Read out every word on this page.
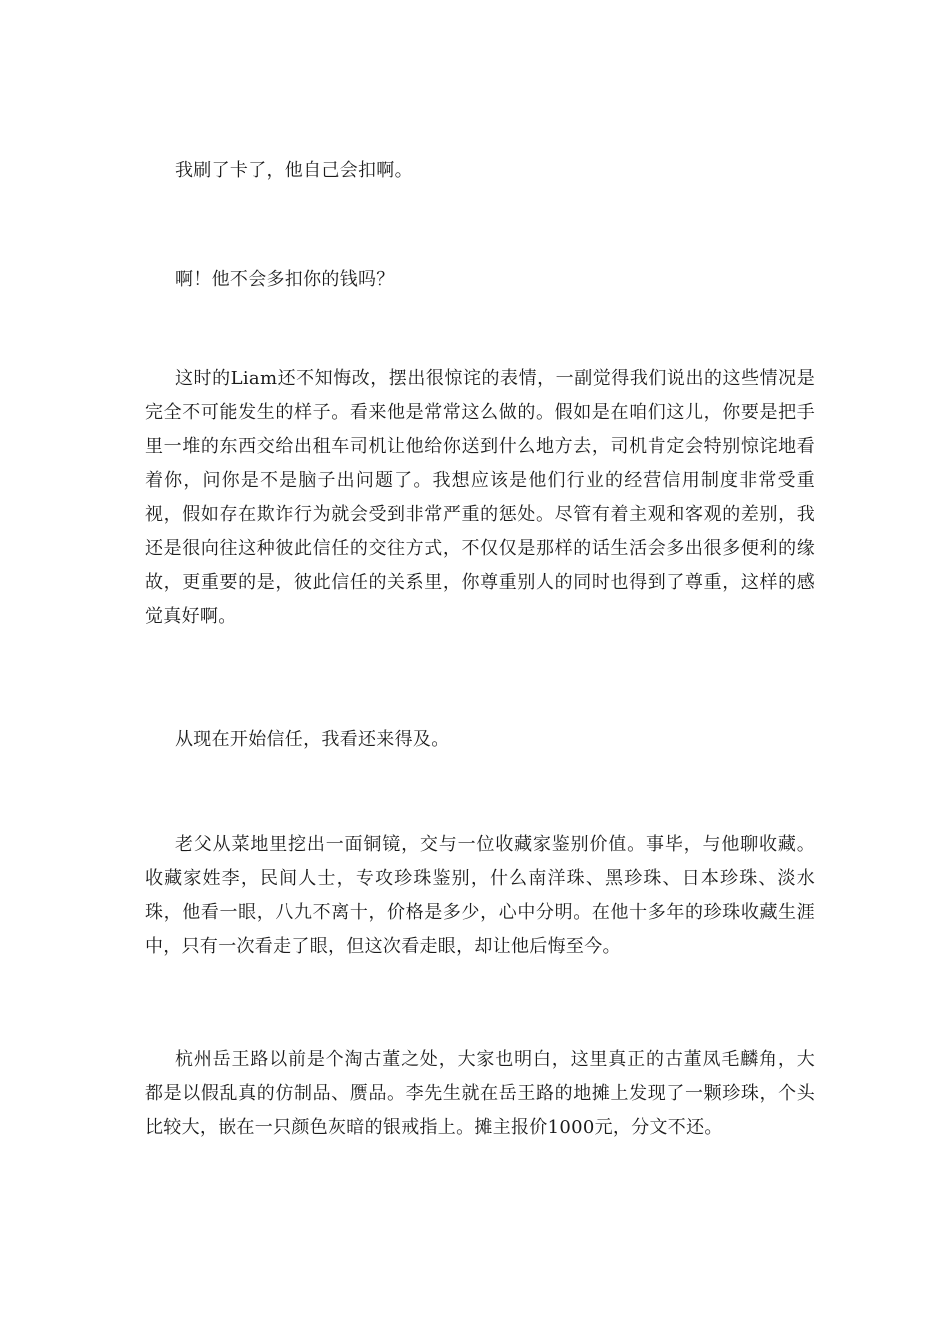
我刷了卡了，他自己会扣啊。

啊！他不会多扣你的钱吗？

这时的Liam还不知悔改，摆出很惊诧的表情，一副觉得我们说出的这些情况是完全不可能发生的样子。看来他是常常这么做的。假如是在咱们这儿，你要是把手里一堆的东西交给出租车司机让他给你送到什么地方去，司机肯定会特别惊诧地看着你，问你是不是脑子出问题了。我想应该是他们行业的经营信用制度非常受重视，假如存在欺诈行为就会受到非常严重的惩处。尽管有着主观和客观的差别，我还是很向往这种彼此信任的交往方式，不仅仅是那样的话生活会多出很多便利的缘故，更重要的是，彼此信任的关系里，你尊重别人的同时也得到了尊重，这样的感觉真好啊。

从现在开始信任，我看还来得及。

老父从菜地里挖出一面铜镜，交与一位收藏家鉴别价值。事毕，与他聊收藏。收藏家姓李，民间人士，专攻珍珠鉴别，什么南洋珠、黑珍珠、日本珍珠、淡水珠，他看一眼，八九不离十，价格是多少，心中分明。在他十多年的珍珠收藏生涯中，只有一次看走了眼，但这次看走眼，却让他后悔至今。

杭州岳王路以前是个淘古董之处，大家也明白，这里真正的古董凤毛麟角，大都是以假乱真的仿制品、赝品。李先生就在岳王路的地摊上发现了一颗珍珠，个头比较大，嵌在一只颜色灰暗的银戒指上。摊主报价1000元，分文不还。
